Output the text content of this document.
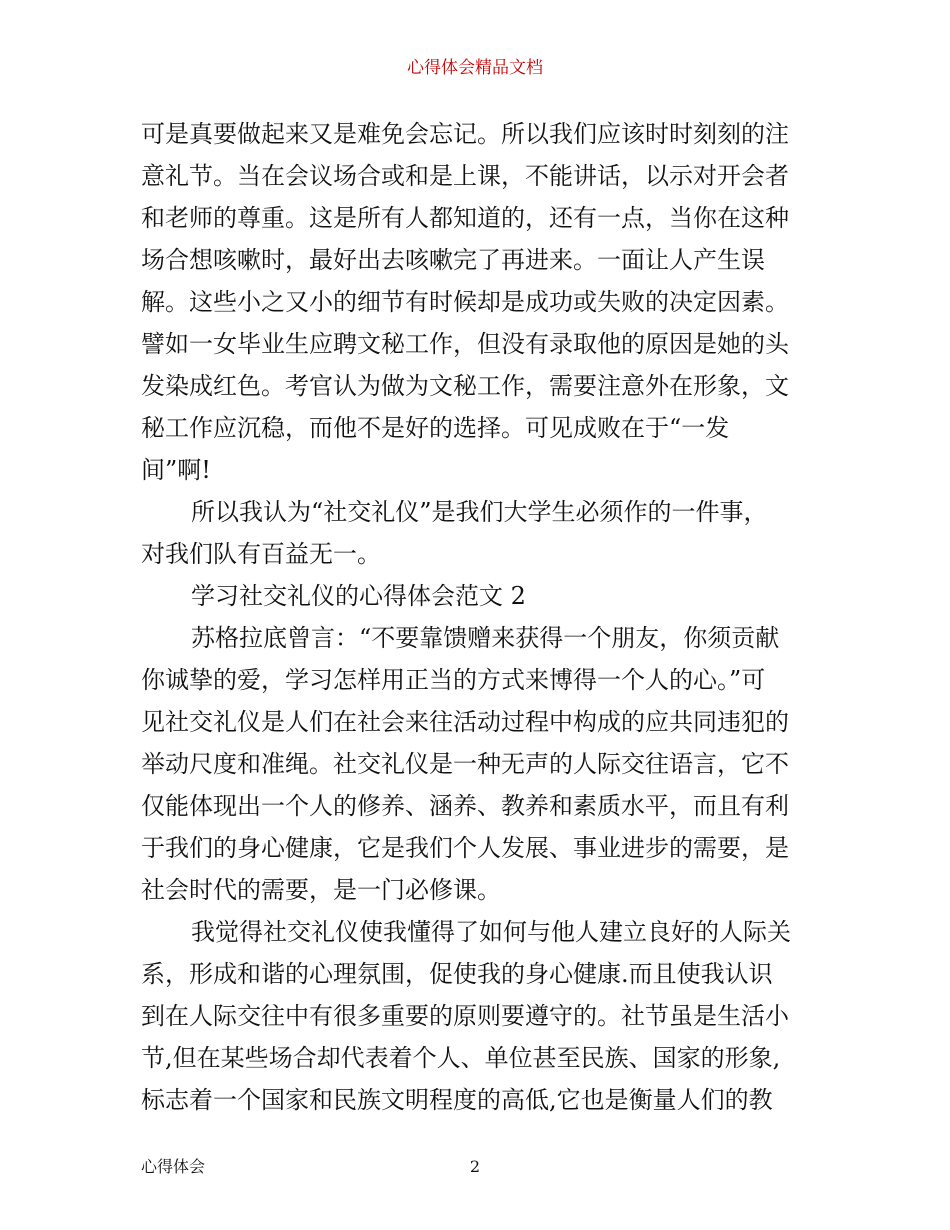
心得体会精品文档
可是真要做起来又是难免会忘记。所以我们应该时时刻刻的注
意礼节。当在会议场合或和是上课，不能讲话，以示对开会者
和老师的尊重。这是所有人都知道的，还有一点，当你在这种
场合想咳嗽时，最好出去咳嗽完了再进来。一面让人产生误
解。这些小之又小的细节有时候却是成功或失败的决定因素。
譬如一女毕业生应聘文秘工作，但没有录取他的原因是她的头
发染成红色。考官认为做为文秘工作，需要注意外在形象，文
秘工作应沉稳，而他不是好的选择。可见成败在于“一发
间”啊!
所以我认为“社交礼仪”是我们大学生必须作的一件事，
对我们队有百益无一。
学习社交礼仪的心得体会范文 2
苏格拉底曾言：“不要靠馈赠来获得一个朋友，你须贡献
你诚挚的爱，学习怎样用正当的方式来博得一个人的心。”可
见社交礼仪是人们在社会来往活动过程中构成的应共同违犯的
举动尺度和准绳。社交礼仪是一种无声的人际交往语言，它不
仅能体现出一个人的修养、涵养、教养和素质水平，而且有利
于我们的身心健康，它是我们个人发展、事业进步的需要，是
社会时代的需要，是一门必修课。
我觉得社交礼仪使我懂得了如何与他人建立良好的人际关
系，形成和谐的心理氛围，促使我的身心健康.而且使我认识
到在人际交往中有很多重要的原则要遵守的。社节虽是生活小
节,但在某些场合却代表着个人、单位甚至民族、国家的形象,
标志着一个国家和民族文明程度的高低,它也是衡量人们的教
心得体会	2
